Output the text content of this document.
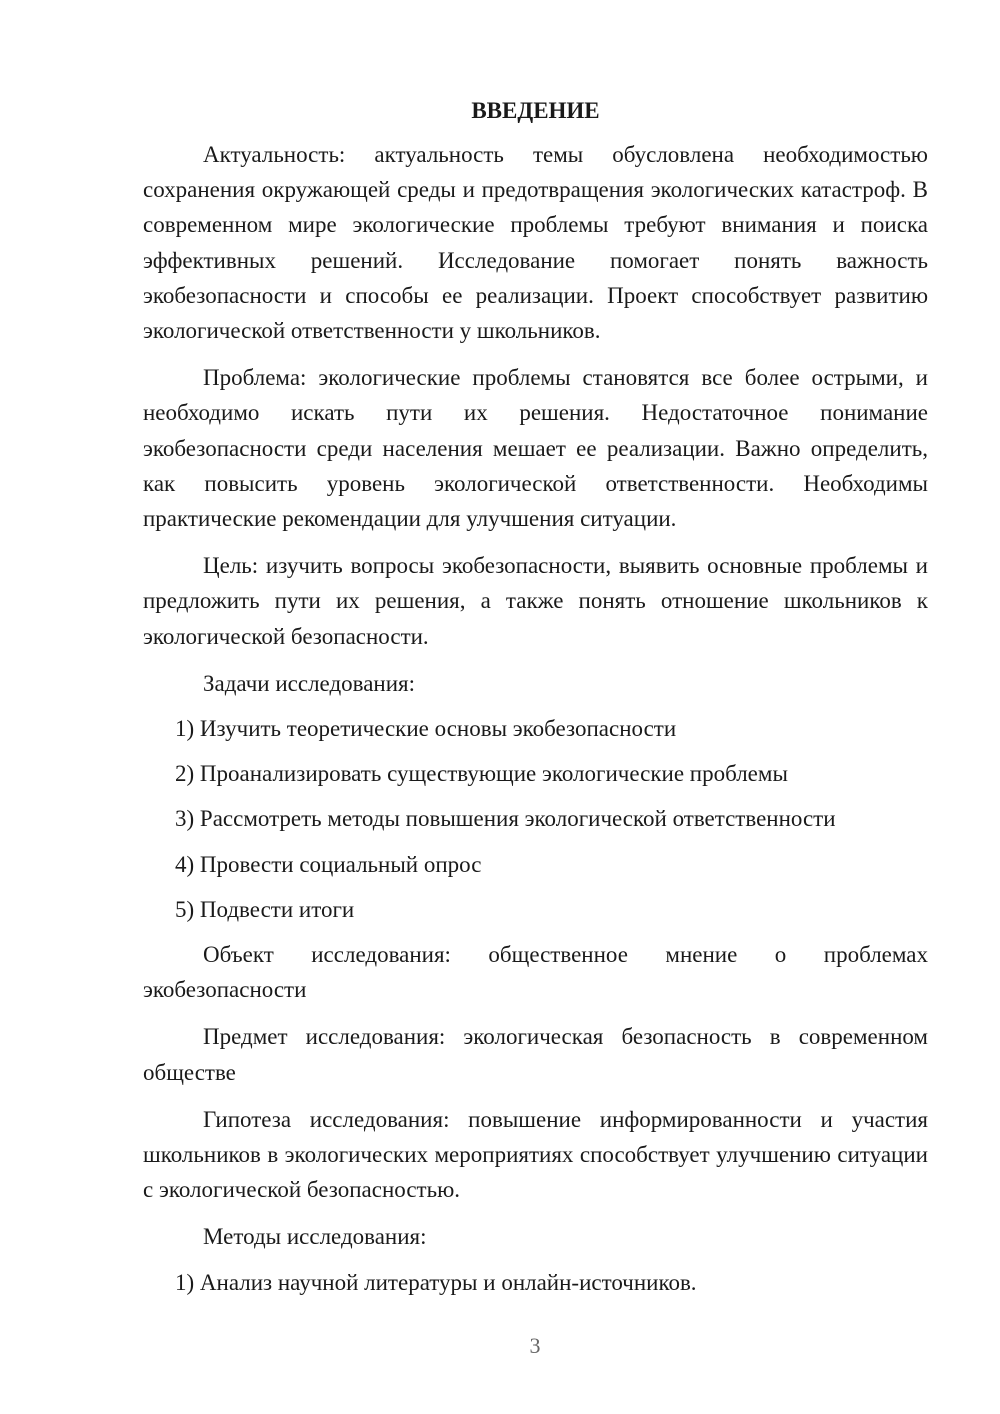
ВВЕДЕНИЕ

Актуальность: актуальность темы обусловлена необходимостью сохранения окружающей среды и предотвращения экологических катастроф. В современном мире экологические проблемы требуют внимания и поиска эффективных решений. Исследование помогает понять важность экобезопасности и способы ее реализации. Проект способствует развитию экологической ответственности у школьников.

Проблема: экологические проблемы становятся все более острыми, и необходимо искать пути их решения. Недостаточное понимание экобезопасности среди населения мешает ее реализации. Важно определить, как повысить уровень экологической ответственности. Необходимы практические рекомендации для улучшения ситуации.

Цель: изучить вопросы экобезопасности, выявить основные проблемы и предложить пути их решения, а также понять отношение школьников к экологической безопасности.

Задачи исследования:
1) Изучить теоретические основы экобезопасности
2) Проанализировать существующие экологические проблемы
3) Рассмотреть методы повышения экологической ответственности
4) Провести социальный опрос
5) Подвести итоги

Объект исследования: общественное мнение о проблемах экобезопасности

Предмет исследования: экологическая безопасность в современном обществе

Гипотеза исследования: повышение информированности и участия школьников в экологических мероприятиях способствует улучшению ситуации с экологической безопасностью.

Методы исследования:
1) Анализ научной литературы и онлайн-источников.
3
